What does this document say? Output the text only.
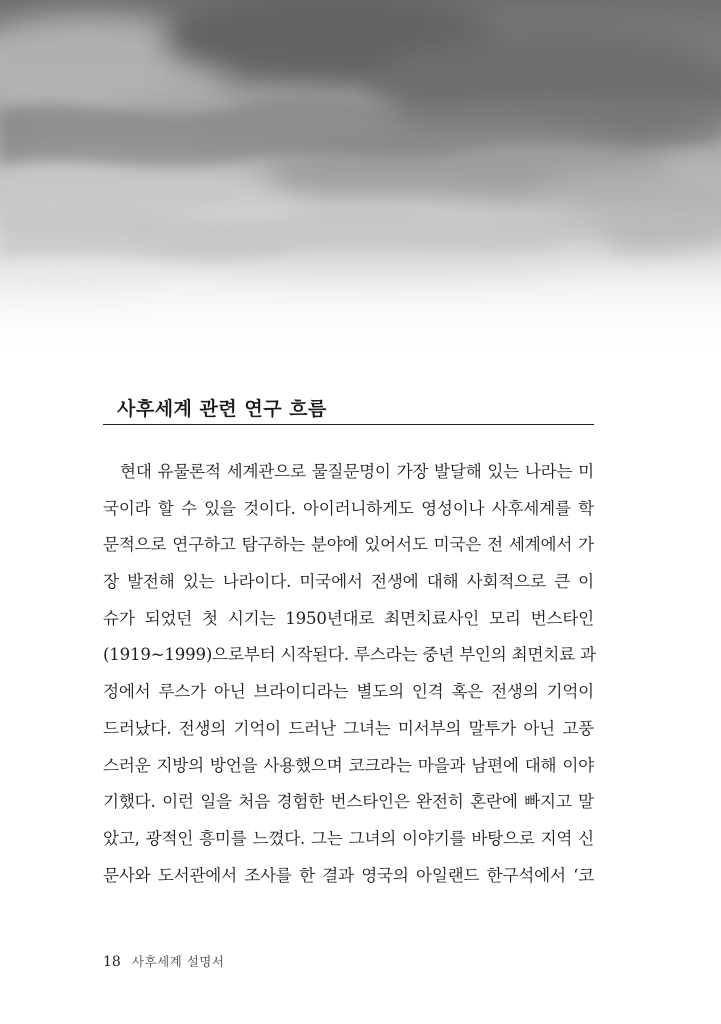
사후세계 관련 연구 흐름
현대 유물론적 세계관으로 물질문명이 가장 발달해 있는 나라는 미
국이라 할 수 있을 것이다. 아이러니하게도 영성이나 사후세계를 학
문적으로 연구하고 탐구하는 분야에 있어서도 미국은 전 세계에서 가
장 발전해 있는 나라이다. 미국에서 전생에 대해 사회적으로 큰 이
슈가 되었던 첫 시기는 1950년대로 최면치료사인 모리 번스타인
(1919~1999)으로부터 시작된다. 루스라는 중년 부인의 최면치료 과
정에서 루스가 아닌 브라이디라는 별도의 인격 혹은 전생의 기억이
드러났다. 전생의 기억이 드러난 그녀는 미서부의 말투가 아닌 고풍
스러운 지방의 방언을 사용했으며 코크라는 마을과 남편에 대해 이야
기했다. 이런 일을 처음 경험한 번스타인은 완전히 혼란에 빠지고 말
았고, 광적인 흥미를 느꼈다. 그는 그녀의 이야기를 바탕으로 지역 신
문사와 도서관에서 조사를 한 결과 영국의 아일랜드 한구석에서 ‘코
18 사후세계 설명서
